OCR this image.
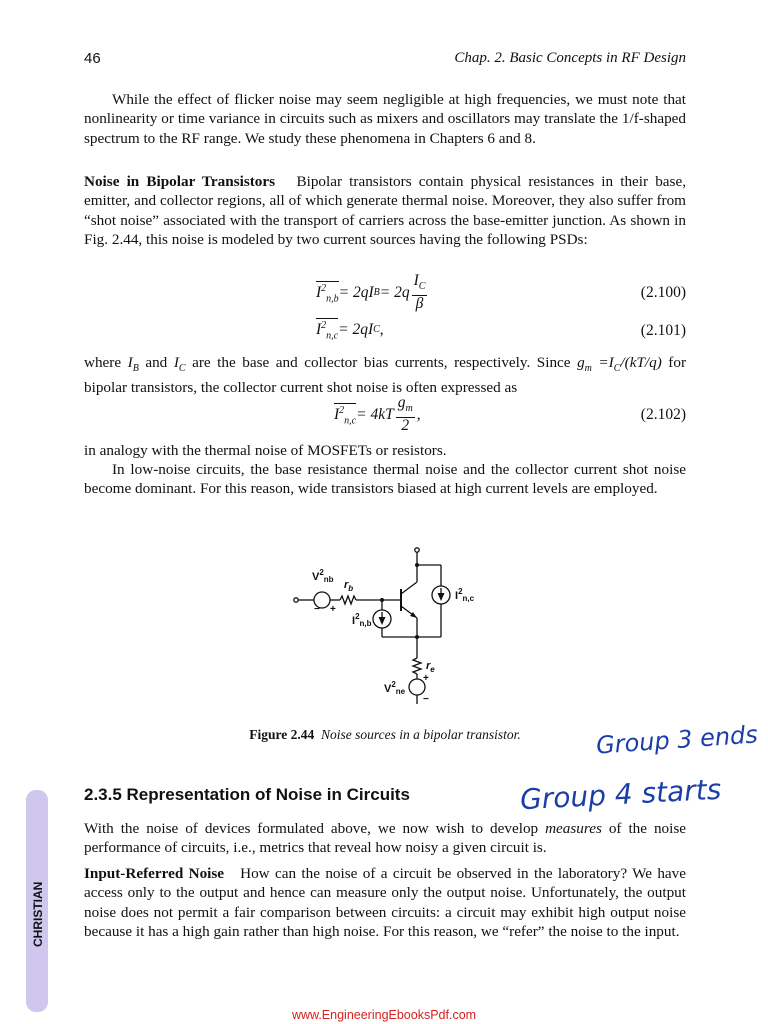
46	Chap. 2. Basic Concepts in RF Design

While the effect of flicker noise may seem negligible at high frequencies, we must note that nonlinearity or time variance in circuits such as mixers and oscillators may translate the 1/f-shaped spectrum to the RF range. We study these phenomena in Chapters 6 and 8.

Noise in Bipolar Transistors Bipolar transistors contain physical resistances in their base, emitter, and collector regions, all of which generate thermal noise. Moreover, they also suffer from “shot noise” associated with the transport of carriers across the base-emitter junction. As shown in Fig. 2.44, this noise is modeled by two current sources having the following PSDs:

$I^2_{n,b} = 2qI$ $B = 2q \frac{I_C}{\beta}$	(2.100)
$I^2_{n,c} = 2qI$ C ,	(2.101)

where $I_B$ and $I_C$ are the base and collector bias currents, respectively. Since $g_m =I_C/(kT/q)$ for bipolar transistors, the collector current shot noise is often expressed as

$I^2_{n,c} = 4kT \frac{g_m}{2}$ ,	(2.102)

in analogy with the thermal noise of MOSFETs or resistors.

In low-noise circuits, the base resistance thermal noise and the collector current shot noise become dominant. For this reason, wide transistors biased at high current levels are employed.

$V^2_{nb}$
− +
$r_b$
$I^2_{n,b}$
$I^2_{n,c}$
$r_e$
+
−
$V^2_{ne}$
Figure 2.44 Noise sources in a bipolar transistor.	Group 3 ends
2.3.5 Representation of Noise in Circuits	Group 4 starts

With the noise of devices formulated above, we now wish to develop measures of the noise performance of circuits, i.e., metrics that reveal how noisy a given circuit is.

Input-Referred Noise How can the noise of a circuit be observed in the laboratory? We have access only to the output and hence can measure only the output noise. Unfortunately, the output noise does not permit a fair comparison between circuits: a circuit may exhibit high output noise because it has a high gain rather than high noise. For this reason, we “refer” the noise to the input.

CHRISTIAN
www.EngineeringEbooksPdf.com
